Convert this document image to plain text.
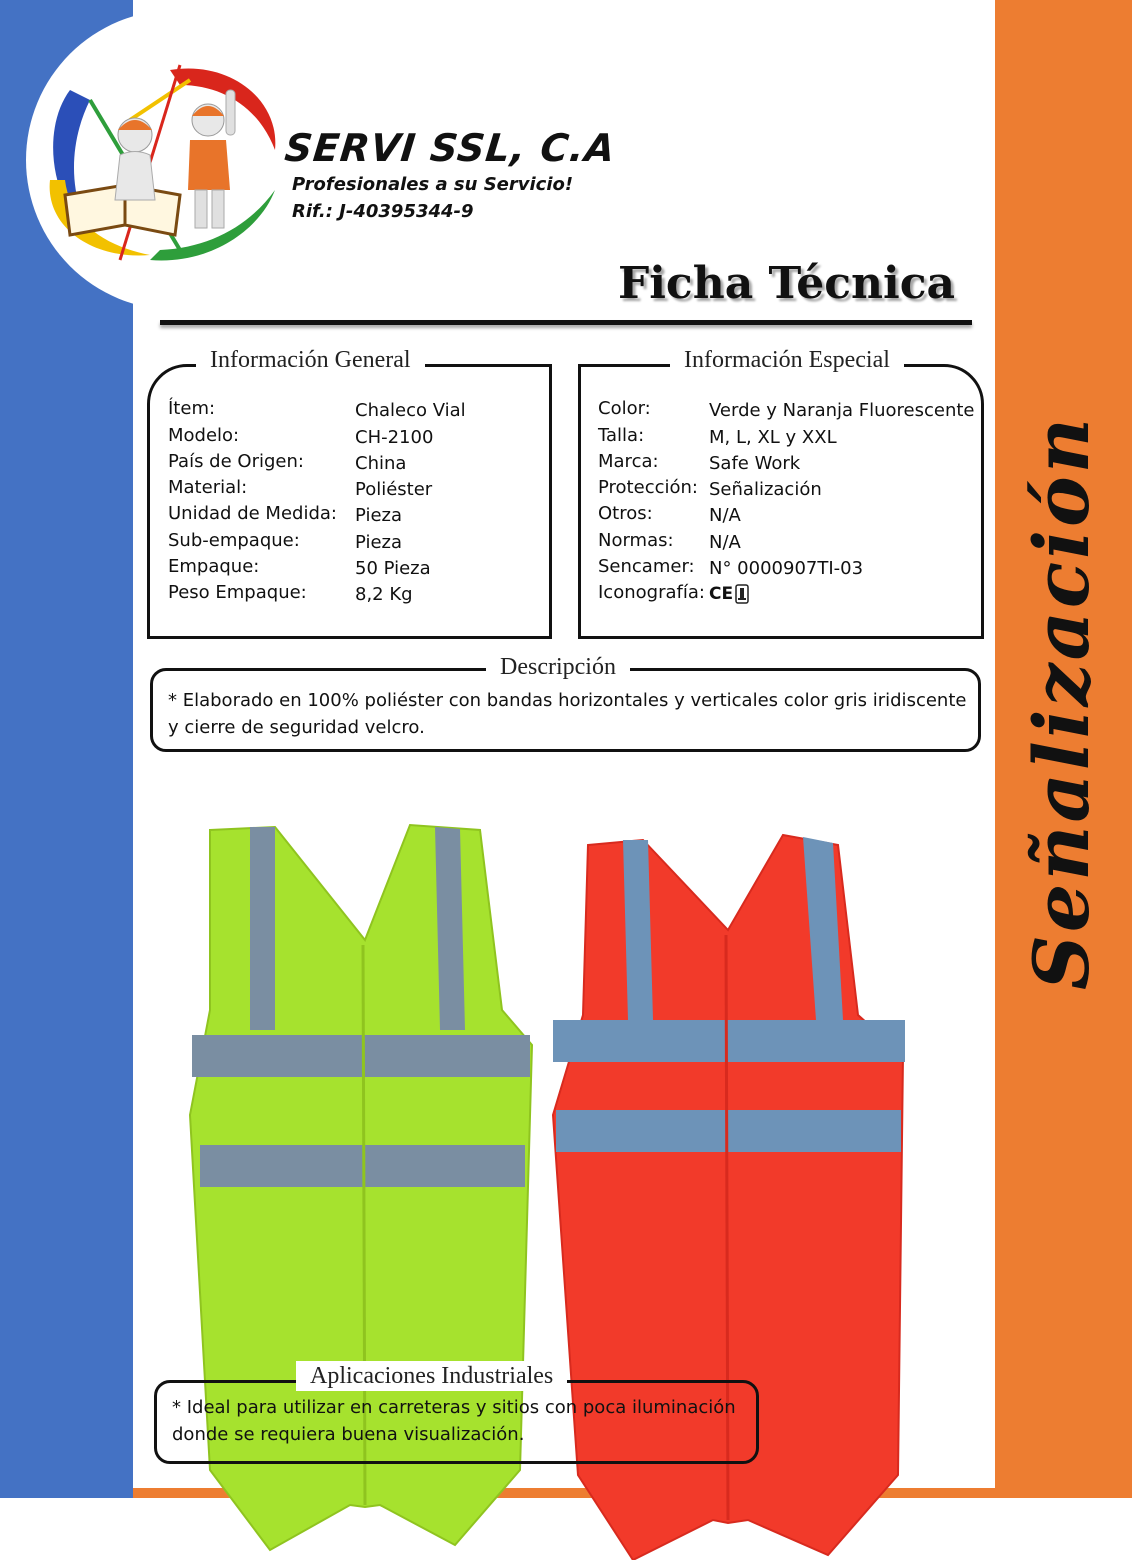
SERVI SSL, C.A
Profesionales a su Servicio!
Rif.: J-40395344-9
Ficha Técnica
Información General
Ítem:	Chaleco Vial
Modelo:	CH-2100
País de Origen:	China
Material:	Poliéster
Unidad de Medida: Pieza
Sub-empaque:	Pieza
Empaque:	50 Pieza
Peso Empaque:	8,2 Kg
Información Especial
Color:	Verde y Naranja Fluorescente
Talla:	M, L, XL y XXL
Marca:	Safe Work
Protección: Señalización
Otros:	N/A
Normas: N/A
Sencamer: N° 0000907TI-03
Iconografía: CE
Descripción
* Elaborado en 100% poliéster con bandas horizontales y verticales color gris iridiscente y cierre de seguridad velcro.
Aplicaciones Industriales
* Ideal para utilizar en carreteras y sitios con poca iluminación donde se requiera buena visualización.
Señalización
